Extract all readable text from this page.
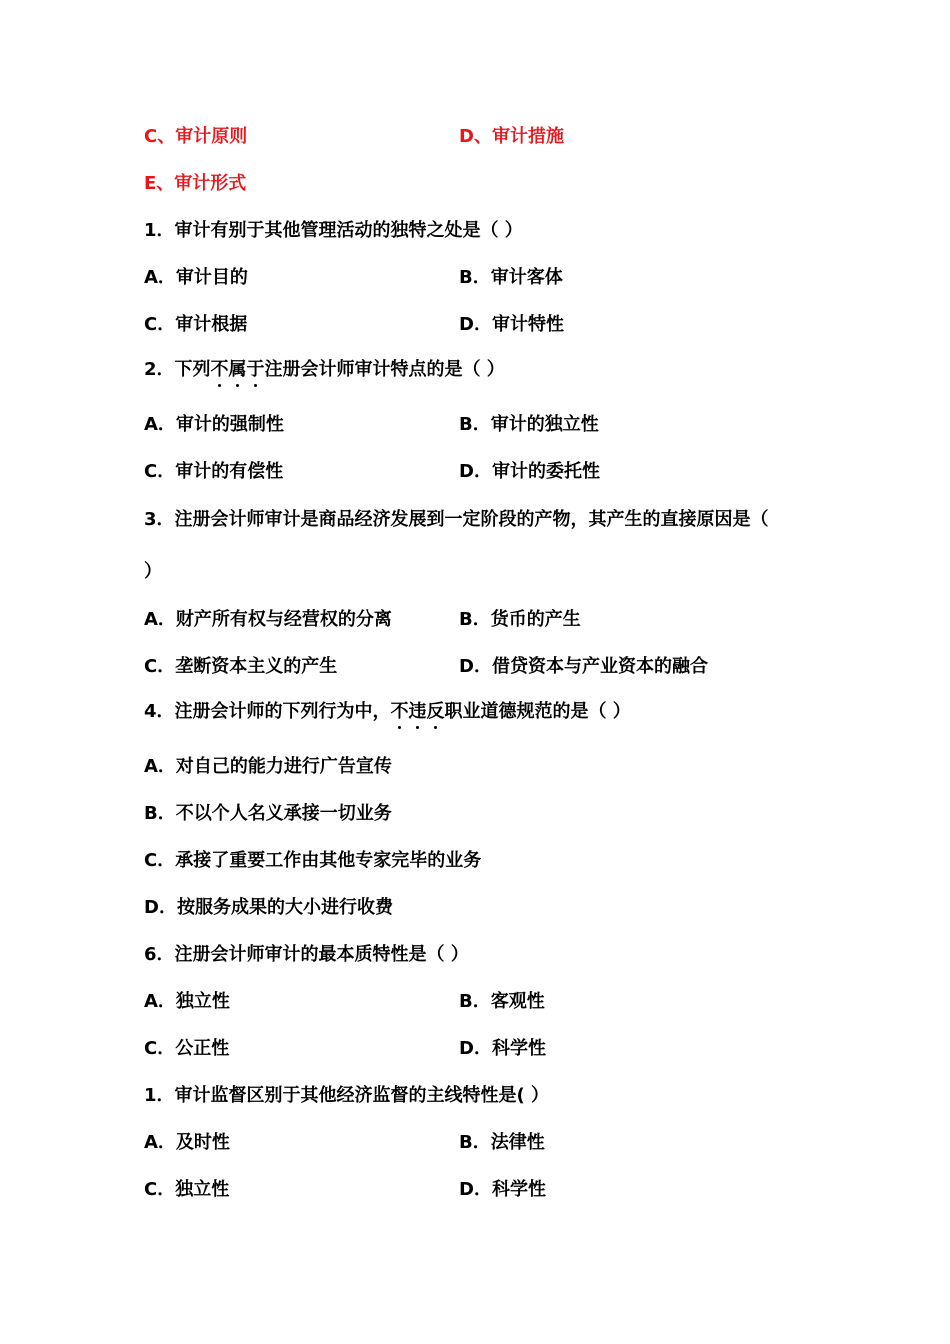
C、审计原则	D、审计措施
E、审计形式
1．审计有别于其他管理活动的独特之处是（ ）
A．审计目的	B．审计客体
C．审计根据	D．审计特性
2．下列不属于注册会计师审计特点的是（ ）
A．审计的强制性	B．审计的独立性
C．审计的有偿性	D．审计的委托性
3．注册会计师审计是商品经济发展到一定阶段的产物，其产生的直接原因是（
）
A．财产所有权与经营权的分离	B．货币的产生
C．垄断资本主义的产生	D．借贷资本与产业资本的融合
4．注册会计师的下列行为中，不违反职业道德规范的是（ ）
A．对自己的能力进行广告宣传
B．不以个人名义承接一切业务
C．承接了重要工作由其他专家完毕的业务
D．按服务成果的大小进行收费
6．注册会计师审计的最本质特性是（ ）
A．独立性	B．客观性
C．公正性	D．科学性
1．审计监督区别于其他经济监督的主线特性是( ）
A．及时性	B．法律性
C．独立性	D．科学性
